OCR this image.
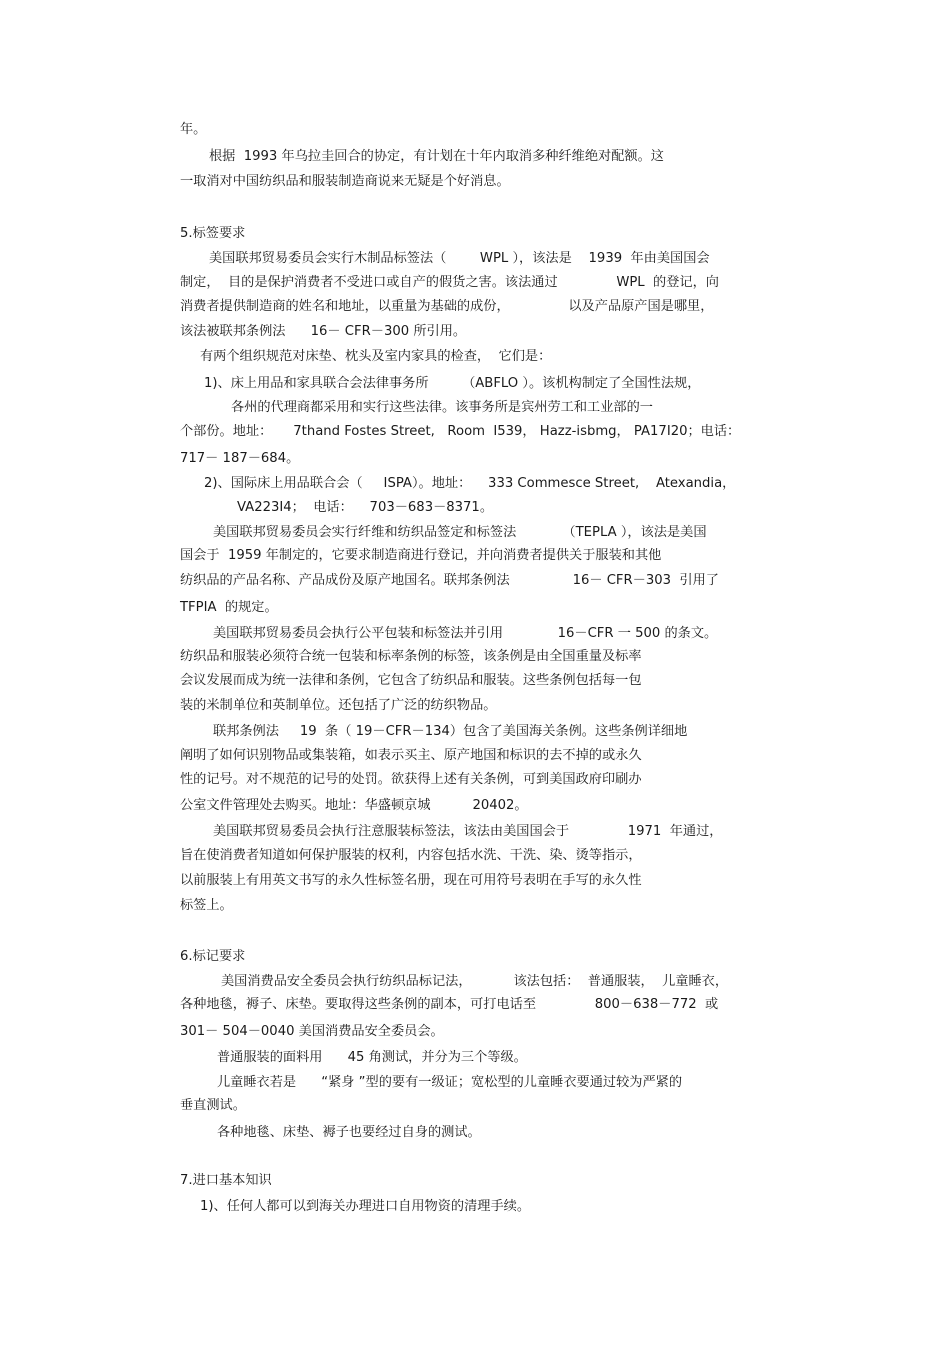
年。
根据  1993 年乌拉圭回合的协定，有计划在十年内取消多种纤维绝对配额。这
一取消对中国纺织品和服装制造商说来无疑是个好消息。
5.标签要求
美国联邦贸易委员会实行木制品标签法（        WPL ），该法是    1939  年由美国国会
制定，  目的是保护消费者不受进口或自产的假货之害。该法通过              WPL  的登记，向
消费者提供制造商的姓名和地址，以重量为基础的成份，              以及产品原产国是哪里，
该法被联邦条例法      16－ CFR－300 所引用。
有两个组织规范对床垫、枕头及室内家具的检查，  它们是：
1)、床上用品和家具联合会法律事务所        （ABFLO ）。该机构制定了全国性法规，
各州的代理商都采用和实行这些法律。该事务所是宾州劳工和工业部的一
个部份。地址：     7thand Fostes Street,   Room  I539， Hazz-isbmg， PA17I20；电话：
717－ 187－684。
2)、国际床上用品联合会（     ISPA）。地址：    333 Commesce Street,    Atexandia，
VA223I4；  电话：    703－683－8371。
美国联邦贸易委员会实行纤维和纺织品签定和标签法           （TEPLA ），该法是美国
国会于  1959 年制定的，它要求制造商进行登记，并向消费者提供关于服装和其他
纺织品的产品名称、产品成份及原产地国名。联邦条例法               16－ CFR－303  引用了
TFPIA  的规定。
美国联邦贸易委员会执行公平包装和标签法并引用             16－CFR 一 500 的条文。
纺织品和服装必须符合统一包装和标率条例的标签，该条例是由全国重量及标率
会议发展而成为统一法律和条例，它包含了纺织品和服装。这些条例包括每一包
装的米制单位和英制单位。还包括了广泛的纺织物品。
联邦条例法     19  条（ 19－CFR－134）包含了美国海关条例。这些条例详细地
阐明了如何识别物品或集装箱，如表示买主、原产地国和标识的去不掉的或永久
性的记号。对不规范的记号的处罚。欲获得上述有关条例，可到美国政府印刷办
公室文件管理处去购买。地址：华盛顿京城          20402。
美国联邦贸易委员会执行注意服装标签法，该法由美国国会于              1971  年通过，
旨在使消费者知道如何保护服装的权利，内容包括水洗、干洗、染、烫等指示，
以前服装上有用英文书写的永久性标签名册，现在可用符号表明在手写的永久性
标签上。
6.标记要求
美国消费品安全委员会执行纺织品标记法，          该法包括：  普通服装，  儿童睡衣，
各种地毯，褥子、床垫。要取得这些条例的副本，可打电话至              800－638－772  或
301－ 504－0040 美国消费品安全委员会。
普通服装的面料用      45 角测试，并分为三个等级。
儿童睡衣若是      “紧身 ”型的要有一级证；宽松型的儿童睡衣要通过较为严紧的
垂直测试。
各种地毯、床垫、褥子也要经过自身的测试。
7.进口基本知识
1)、任何人都可以到海关办理进口自用物资的清理手续。
